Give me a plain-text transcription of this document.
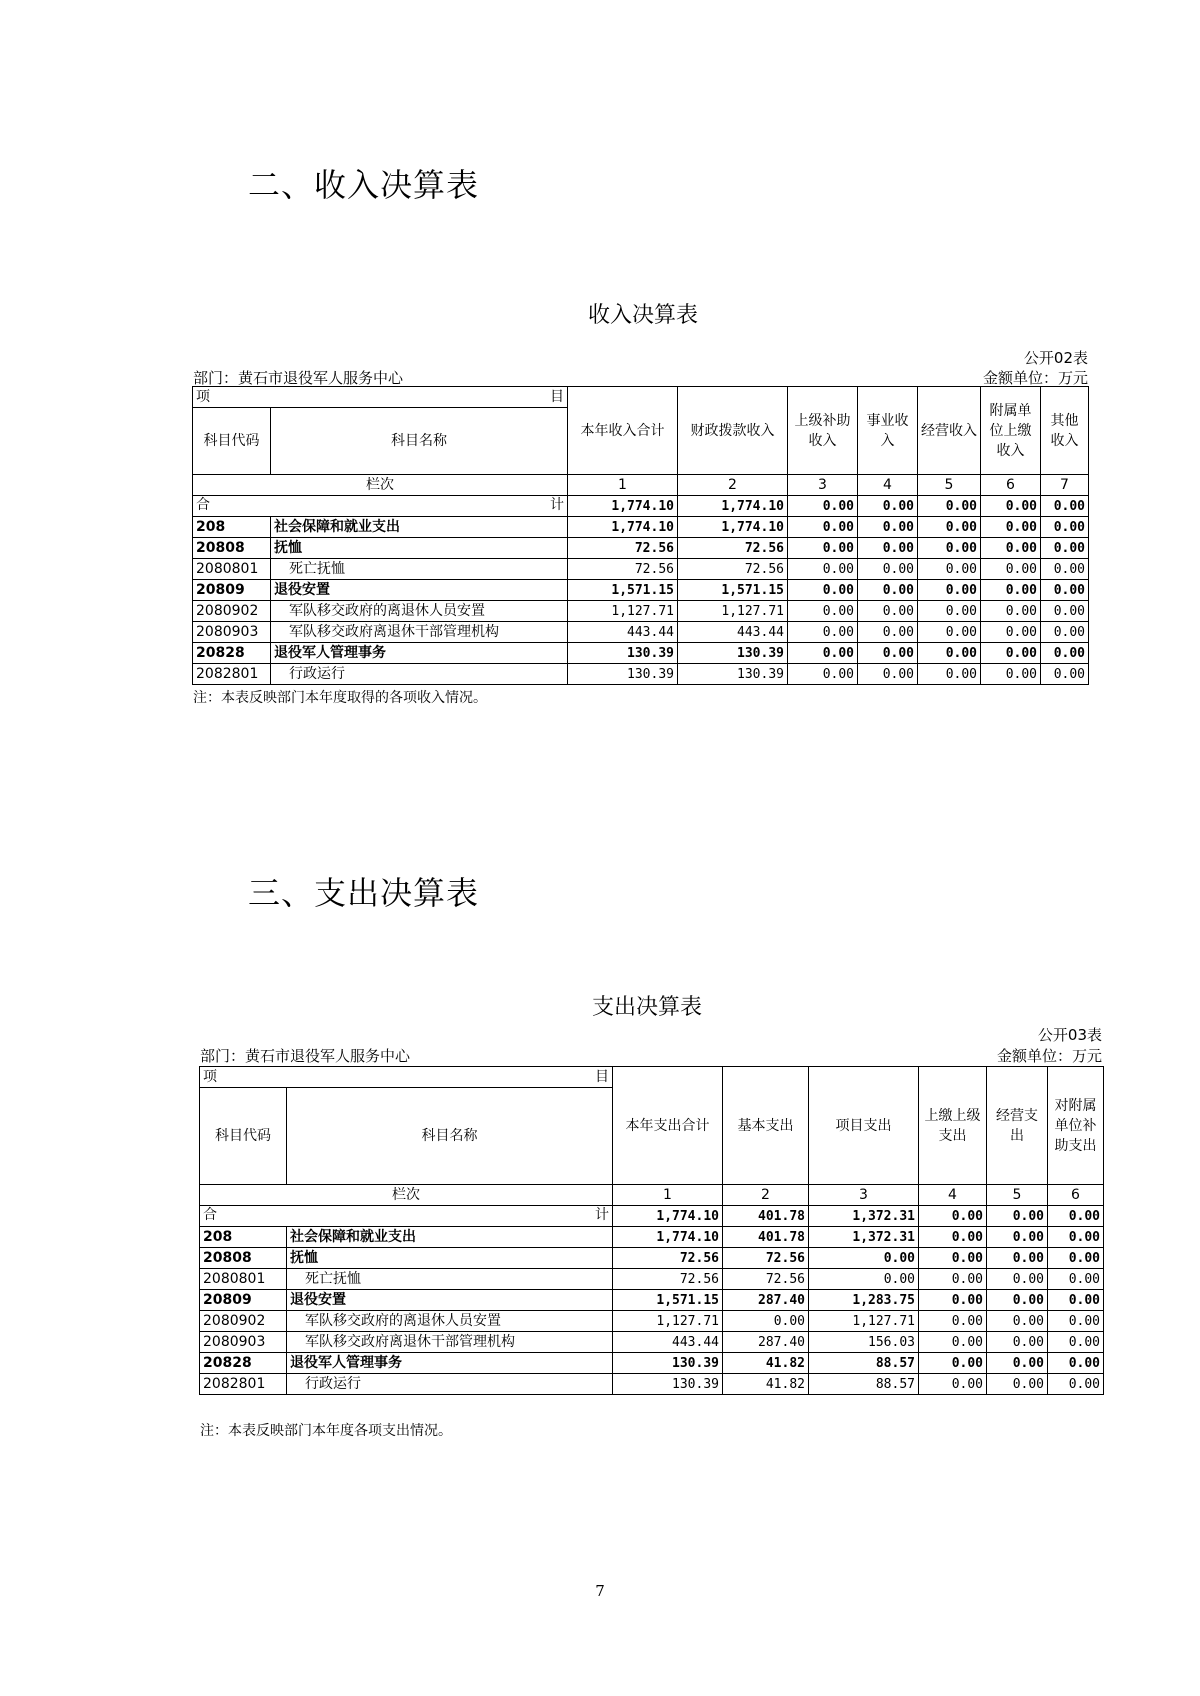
二、收入决算表
收入决算表
公开02表
部门：黄石市退役军人服务中心	金额单位：万元
项 目		本年收入合计	财政拨款收入	上级补助收入	事业收入	经营收入	附属单位上缴收入	其他收入
科目代码	科目名称							
栏次		1	2	3	4	5	6	7

合 计		1,774.10	1,774.10	0.00	0.00	0.00	0.00	0.00
208	社会保障和就业支出	1,774.10	1,774.10	0.00	0.00	0.00	0.00	0.00
20808	抚恤	72.56	72.56	0.00	0.00	0.00	0.00	0.00
2080801	死亡抚恤	72.56	72.56	0.00	0.00	0.00	0.00	0.00
20809	退役安置	1,571.15	1,571.15	0.00	0.00	0.00	0.00	0.00
2080902	军队移交政府的离退休人员安置	1,127.71	1,127.71	0.00	0.00	0.00	0.00	0.00
2080903	军队移交政府离退休干部管理机构	443.44	443.44	0.00	0.00	0.00	0.00	0.00
20828	退役军人管理事务	130.39	130.39	0.00	0.00	0.00	0.00	0.00
2082801	行政运行	130.39	130.39	0.00	0.00	0.00	0.00	0.00
注：本表反映部门本年度取得的各项收入情况。
三、支出决算表
支出决算表
公开03表
部门：黄石市退役军人服务中心	金额单位：万元
项 目		本年支出合计	基本支出	项目支出	上缴上级支出	经营支出	对附属单位补助支出
科目代码	科目名称						
栏次		1	2	3	4	5	6

合 计		1,774.10	401.78	1,372.31	0.00	0.00	0.00
208	社会保障和就业支出	1,774.10	401.78	1,372.31	0.00	0.00	0.00
20808	抚恤	72.56	72.56	0.00	0.00	0.00	0.00
2080801	死亡抚恤	72.56	72.56	0.00	0.00	0.00	0.00
20809	退役安置	1,571.15	287.40	1,283.75	0.00	0.00	0.00
2080902	军队移交政府的离退休人员安置	1,127.71	0.00	1,127.71	0.00	0.00	0.00
2080903	军队移交政府离退休干部管理机构	443.44	287.40	156.03	0.00	0.00	0.00
20828	退役军人管理事务	130.39	41.82	88.57	0.00	0.00	0.00
2082801	行政运行	130.39	41.82	88.57	0.00	0.00	0.00
注：本表反映部门本年度各项支出情况。
7
